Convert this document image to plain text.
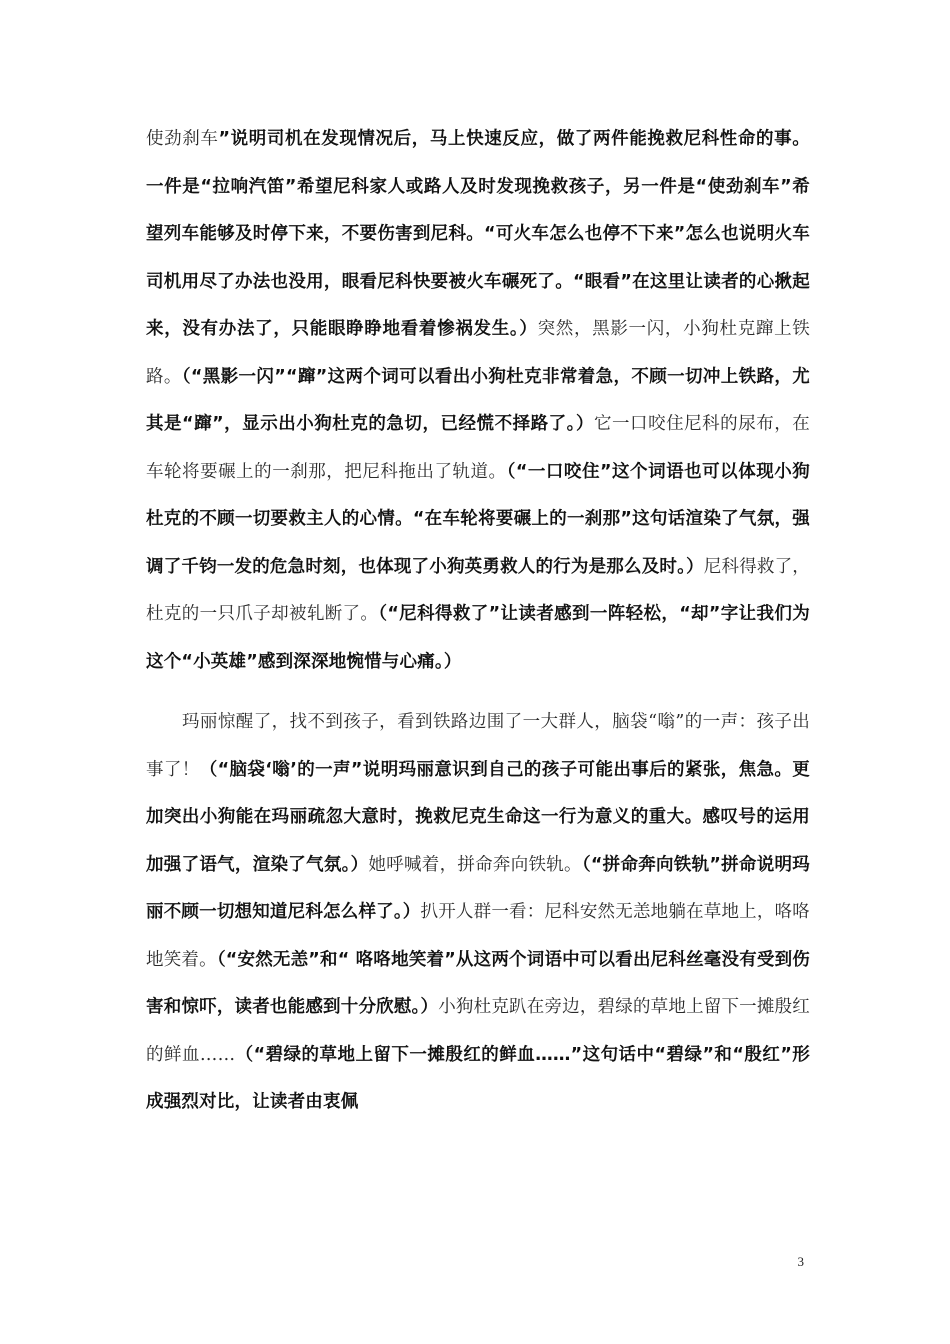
使劲刹车”说明司机在发现情况后，马上快速反应，做了两件能挽救尼科性命的事。一件是“拉响汽笛”希望尼科家人或路人及时发现挽救孩子，另一件是“使劲刹车”希望列车能够及时停下来，不要伤害到尼科。“可火车怎么也停不下来”怎么也说明火车司机用尽了办法也没用，眼看尼科快要被火车碾死了。“眼看”在这里让读者的心揪起来，没有办法了，只能眼睁睁地看着惨祸发生。）突然，黑影一闪，小狗杜克蹿上铁路。（“黑影一闪”“蹿”这两个词可以看出小狗杜克非常着急，不顾一切冲上铁路，尤其是“蹿”，显示出小狗杜克的急切，已经慌不择路了。）它一口咬住尼科的尿布，在车轮将要碾上的一刹那，把尼科拖出了轨道。（“一口咬住”这个词语也可以体现小狗杜克的不顾一切要救主人的心情。“在车轮将要碾上的一刹那”这句话渲染了气氛，强调了千钧一发的危急时刻，也体现了小狗英勇救人的行为是那么及时。）尼科得救了，杜克的一只爪子却被轧断了。（“尼科得救了”让读者感到一阵轻松，“却”字让我们为这个“小英雄”感到深深地惋惜与心痛。）

玛丽惊醒了，找不到孩子，看到铁路边围了一大群人，脑袋“嗡”的一声：孩子出事了！（“脑袋‘嗡’的一声”说明玛丽意识到自己的孩子可能出事后的紧张，焦急。更加突出小狗能在玛丽疏忽大意时，挽救尼克生命这一行为意义的重大。感叹号的运用加强了语气，渲染了气氛。）她呼喊着，拼命奔向铁轨。（“拼命奔向铁轨”拼命说明玛丽不顾一切想知道尼科怎么样了。）扒开人群一看：尼科安然无恙地躺在草地上，咯咯地笑着。（“安然无恙”和“ 咯咯地笑着”从这两个词语中可以看出尼科丝毫没有受到伤害和惊吓，读者也能感到十分欣慰。）小狗杜克趴在旁边，碧绿的草地上留下一摊殷红的鲜血……（“碧绿的草地上留下一摊殷红的鲜血……”这句话中“碧绿”和“殷红”形成强烈对比，让读者由衷佩

3
